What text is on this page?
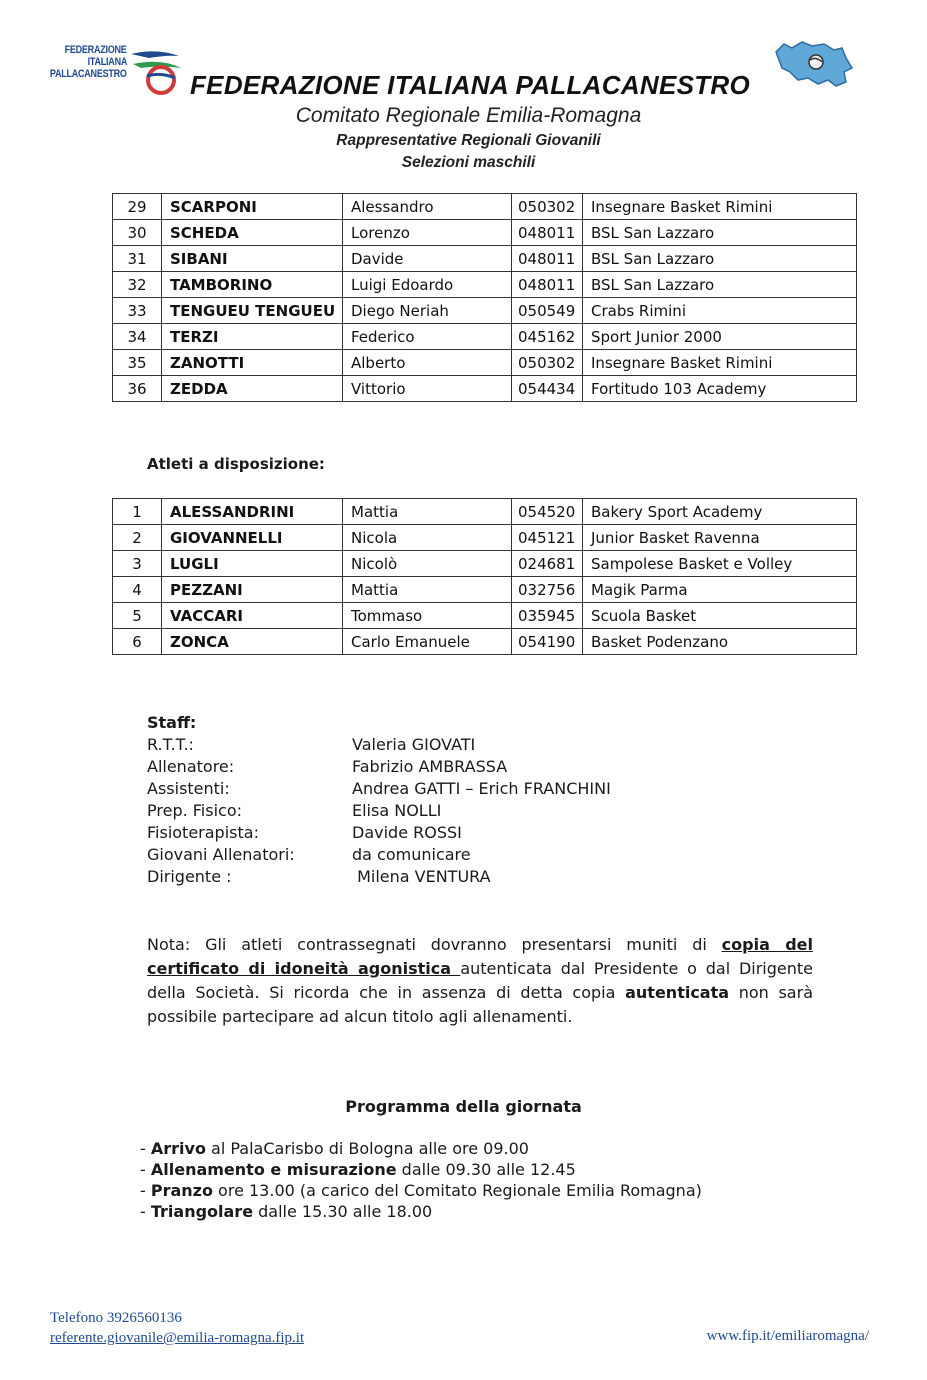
FEDERAZIONE
ITALIANA
PALLACANESTRO FEDERAZIONE ITALIANA PALLACANESTRO
Comitato Regionale Emilia-Romagna
Rappresentative Regionali Giovanili
Selezioni maschili
29	SCARPONI	Alessandro	050302	Insegnare Basket Rimini
30	SCHEDA	Lorenzo	048011	BSL San Lazzaro
31	SIBANI	Davide	048011	BSL San Lazzaro
32	TAMBORINO	Luigi Edoardo	048011	BSL San Lazzaro
33	TENGUEU TENGUEU	Diego Neriah	050549	Crabs Rimini
34	TERZI	Federico	045162	Sport Junior 2000
35	ZANOTTI	Alberto	050302	Insegnare Basket Rimini
36	ZEDDA	Vittorio	054434	Fortitudo 103 Academy
Atleti a disposizione:
1	ALESSANDRINI	Mattia	054520	Bakery Sport Academy
2	GIOVANNELLI	Nicola	045121	Junior Basket Ravenna
3	LUGLI	Nicolò	024681	Sampolese Basket e Volley
4	PEZZANI	Mattia	032756	Magik Parma
5	VACCARI	Tommaso	035945	Scuola Basket
6	ZONCA	Carlo Emanuele	054190	Basket Podenzano
Staff:
R.T.T.:	Valeria GIOVATI
Allenatore:	Fabrizio AMBRASSA
Assistenti:	Andrea GATTI – Erich FRANCHINI
Prep. Fisico:	Elisa NOLLI
Fisioterapista:	Davide ROSSI
Giovani Allenatori:	da comunicare
Dirigente :	Milena VENTURA
Nota: Gli atleti contrassegnati dovranno presentarsi muniti di copia del certificato di idoneità agonistica autenticata dal Presidente o dal Dirigente della Società. Si ricorda che in assenza di detta copia autenticata non sarà possibile partecipare ad alcun titolo agli allenamenti.
Programma della giornata
- Arrivo al PalaCarisbo di Bologna alle ore 09.00
- Allenamento e misurazione dalle 09.30 alle 12.45
- Pranzo ore 13.00 (a carico del Comitato Regionale Emilia Romagna)
- Triangolare dalle 15.30 alle 18.00
Telefono 3926560136
referente.giovanile@emilia-romagna.fip.it	www.fip.it/emiliaromagna/
